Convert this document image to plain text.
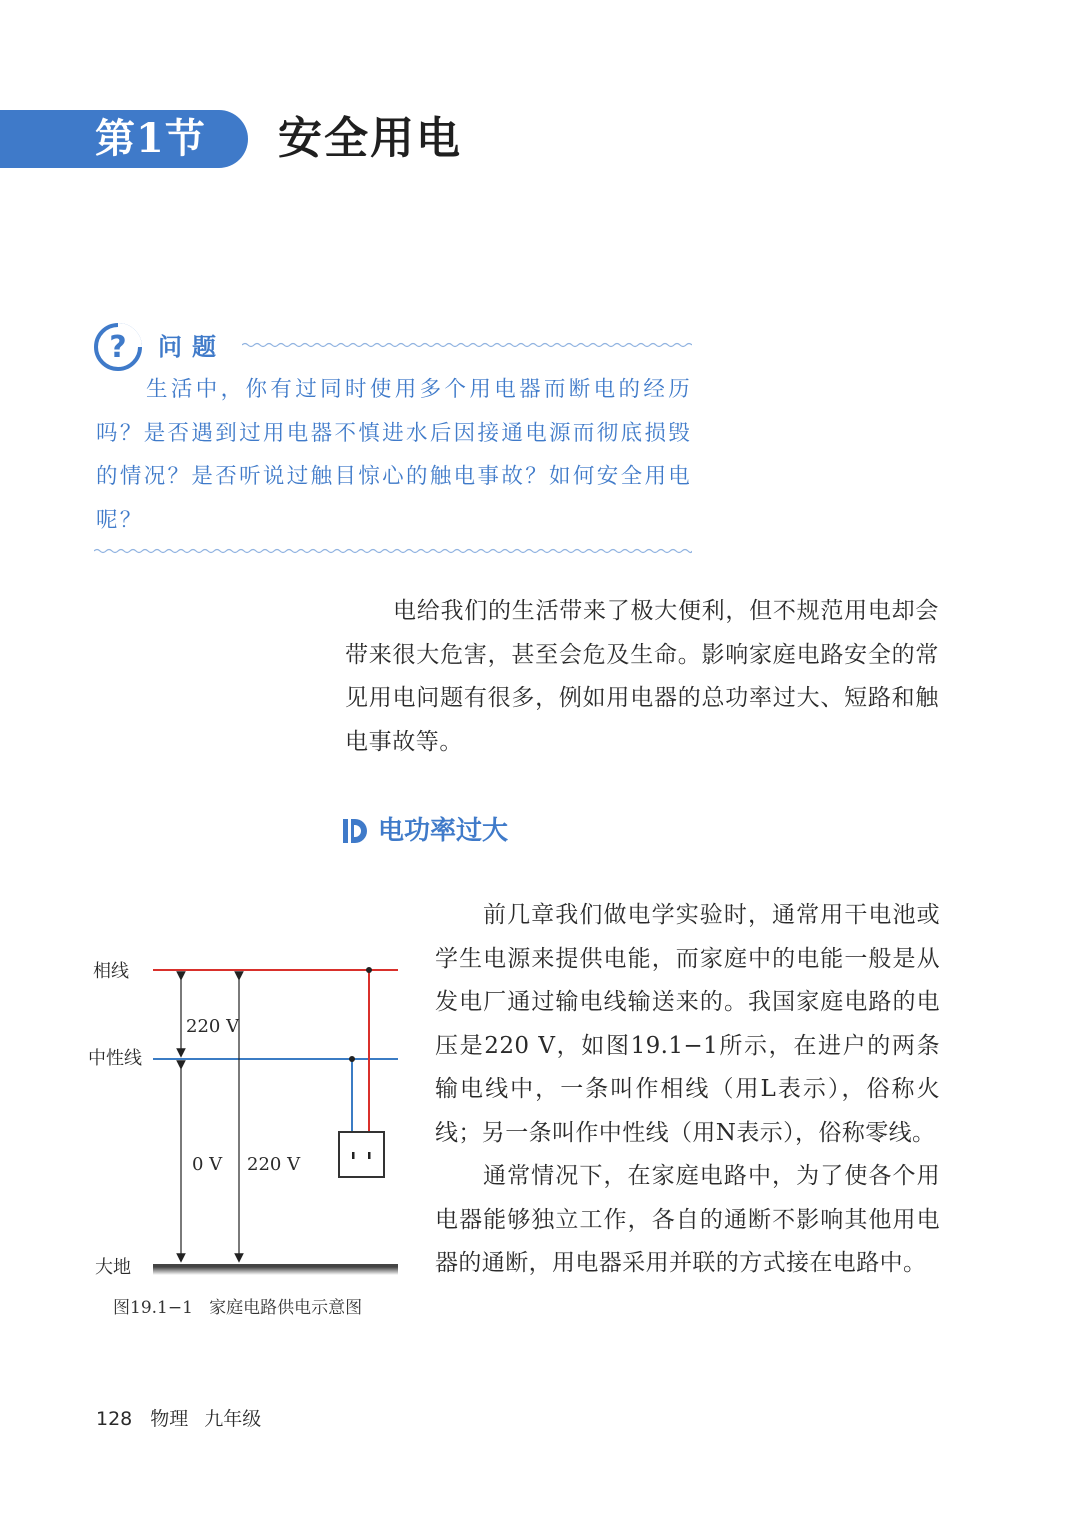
第1节 安全用电
? 问题
生活中，你有过同时使用多个用电器而断电的经历吗？是否遇到过用电器不慎进水后因接通电源而彻底损毁的情况？是否听说过触目惊心的触电事故？如何安全用电呢？
电给我们的生活带来了极大便利，但不规范用电却会带来很大危害，甚至会危及生命。影响家庭电路安全的常见用电问题有很多，例如用电器的总功率过大、短路和触电事故等。
电功率过大

前几章我们做电学实验时，通常用干电池或学生电源来提供电能，而家庭中的电能一般是从发电厂通过输电线输送来的。我国家庭电路的电压是220 V，如图19.1−1所示，在进户的两条输电线中，一条叫作相线（用L表示），俗称火线；另一条叫作中性线（用N表示），俗称零线。

通常情况下，在家庭电路中，为了使各个用电器能够独立工作，各自的通断不影响其他用电器的通断，用电器采用并联的方式接在电路中。

相线
中性线
大地
220 V
0 V 220 V
图19.1−1 家庭电路供电示意图
128 物理 九年级
